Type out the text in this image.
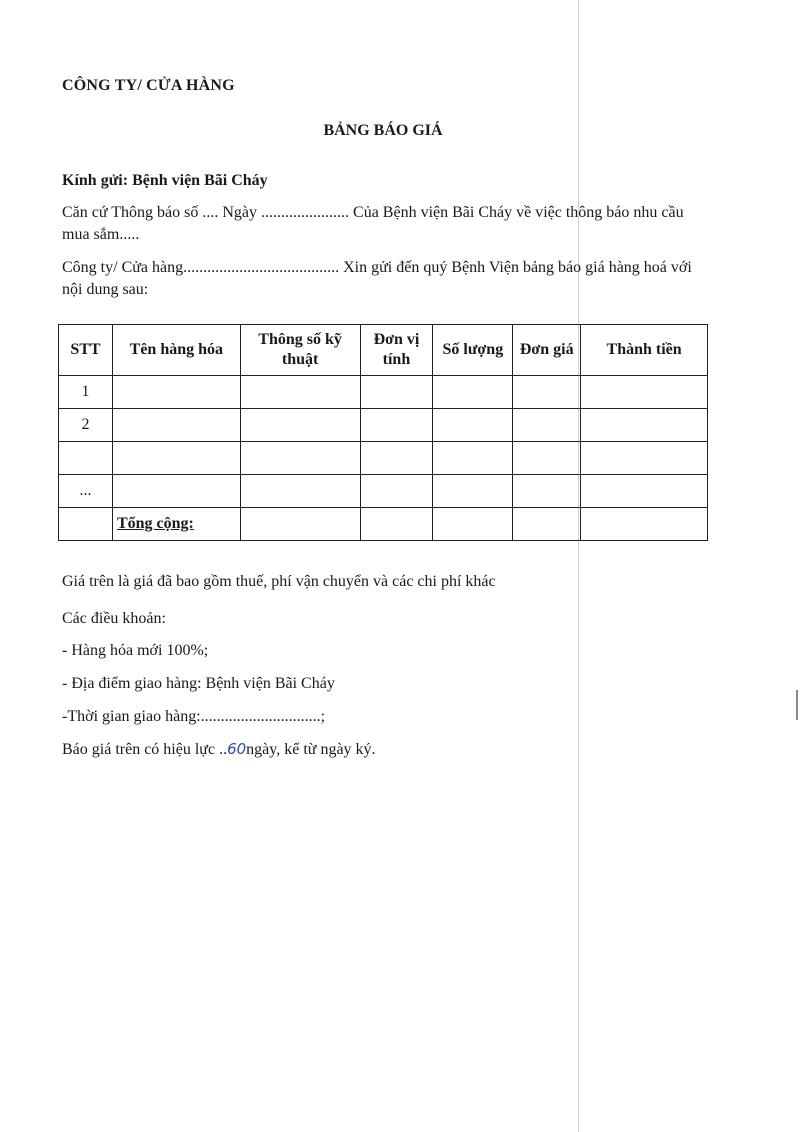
CÔNG TY/ CỬA HÀNG
BẢNG BÁO GIÁ
Kính gửi: Bệnh viện Bãi Cháy
Căn cứ Thông báo số .... Ngày ...................... Của Bệnh viện Bãi Cháy về việc thông báo nhu cầu mua sắm.....
Công ty/ Cửa hàng....................................... Xin gửi đến quý Bệnh Viện bảng báo giá hàng hoá với nội dung sau:
STT	Tên hàng hóa	Thông số kỹ thuật	Đơn vị tính	Số lượng	Đơn giá	Thành tiền
1						
2						

...						
	Tổng cộng:					
Giá trên là giá đã bao gồm thuế, phí vận chuyển và các chi phí khác
Các điều khoản:
- Hàng hóa mới 100%;
- Địa điểm giao hàng: Bệnh viện Bãi Cháy
-Thời gian giao hàng:..............................;
Báo giá trên có hiệu lực ..60ngày, kể từ ngày ký.
